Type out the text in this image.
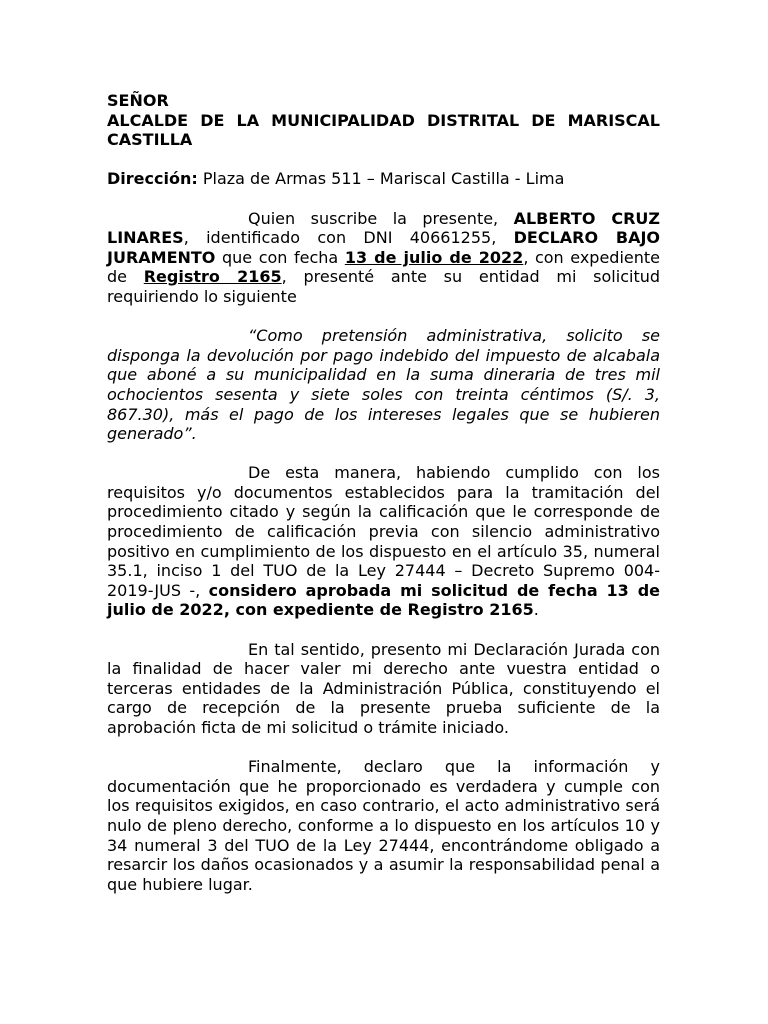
SEÑOR
ALCALDE DE LA MUNICIPALIDAD DISTRITAL DE MARISCAL CASTILLA
Dirección: Plaza de Armas 511 – Mariscal Castilla - Lima

Quien suscribe la presente, ALBERTO CRUZ LINARES, identificado con DNI 40661255, DECLARO BAJO JURAMENTO que con fecha 13 de julio de 2022, con expediente de Registro 2165, presenté ante su entidad mi solicitud requiriendo lo siguiente

“Como pretensión administrativa, solicito se disponga la devolución por pago indebido del impuesto de alcabala que aboné a su municipalidad en la suma dineraria de tres mil ochocientos sesenta y siete soles con treinta céntimos (S/. 3, 867.30), más el pago de los intereses legales que se hubieren generado”.

De esta manera, habiendo cumplido con los requisitos y/o documentos establecidos para la tramitación del procedimiento citado y según la calificación que le corresponde de procedimiento de calificación previa con silencio administrativo positivo en cumplimiento de los dispuesto en el artículo 35, numeral 35.1, inciso 1 del TUO de la Ley 27444 – Decreto Supremo 004-2019-JUS -, considero aprobada mi solicitud de fecha 13 de julio de 2022, con expediente de Registro 2165.

En tal sentido, presento mi Declaración Jurada con la finalidad de hacer valer mi derecho ante vuestra entidad o terceras entidades de la Administración Pública, constituyendo el cargo de recepción de la presente prueba suficiente de la aprobación ficta de mi solicitud o trámite iniciado.

Finalmente, declaro que la información y documentación que he proporcionado es verdadera y cumple con los requisitos exigidos, en caso contrario, el acto administrativo será nulo de pleno derecho, conforme a lo dispuesto en los artículos 10 y 34 numeral 3 del TUO de la Ley 27444, encontrándome obligado a resarcir los daños ocasionados y a asumir la responsabilidad penal a que hubiere lugar.
